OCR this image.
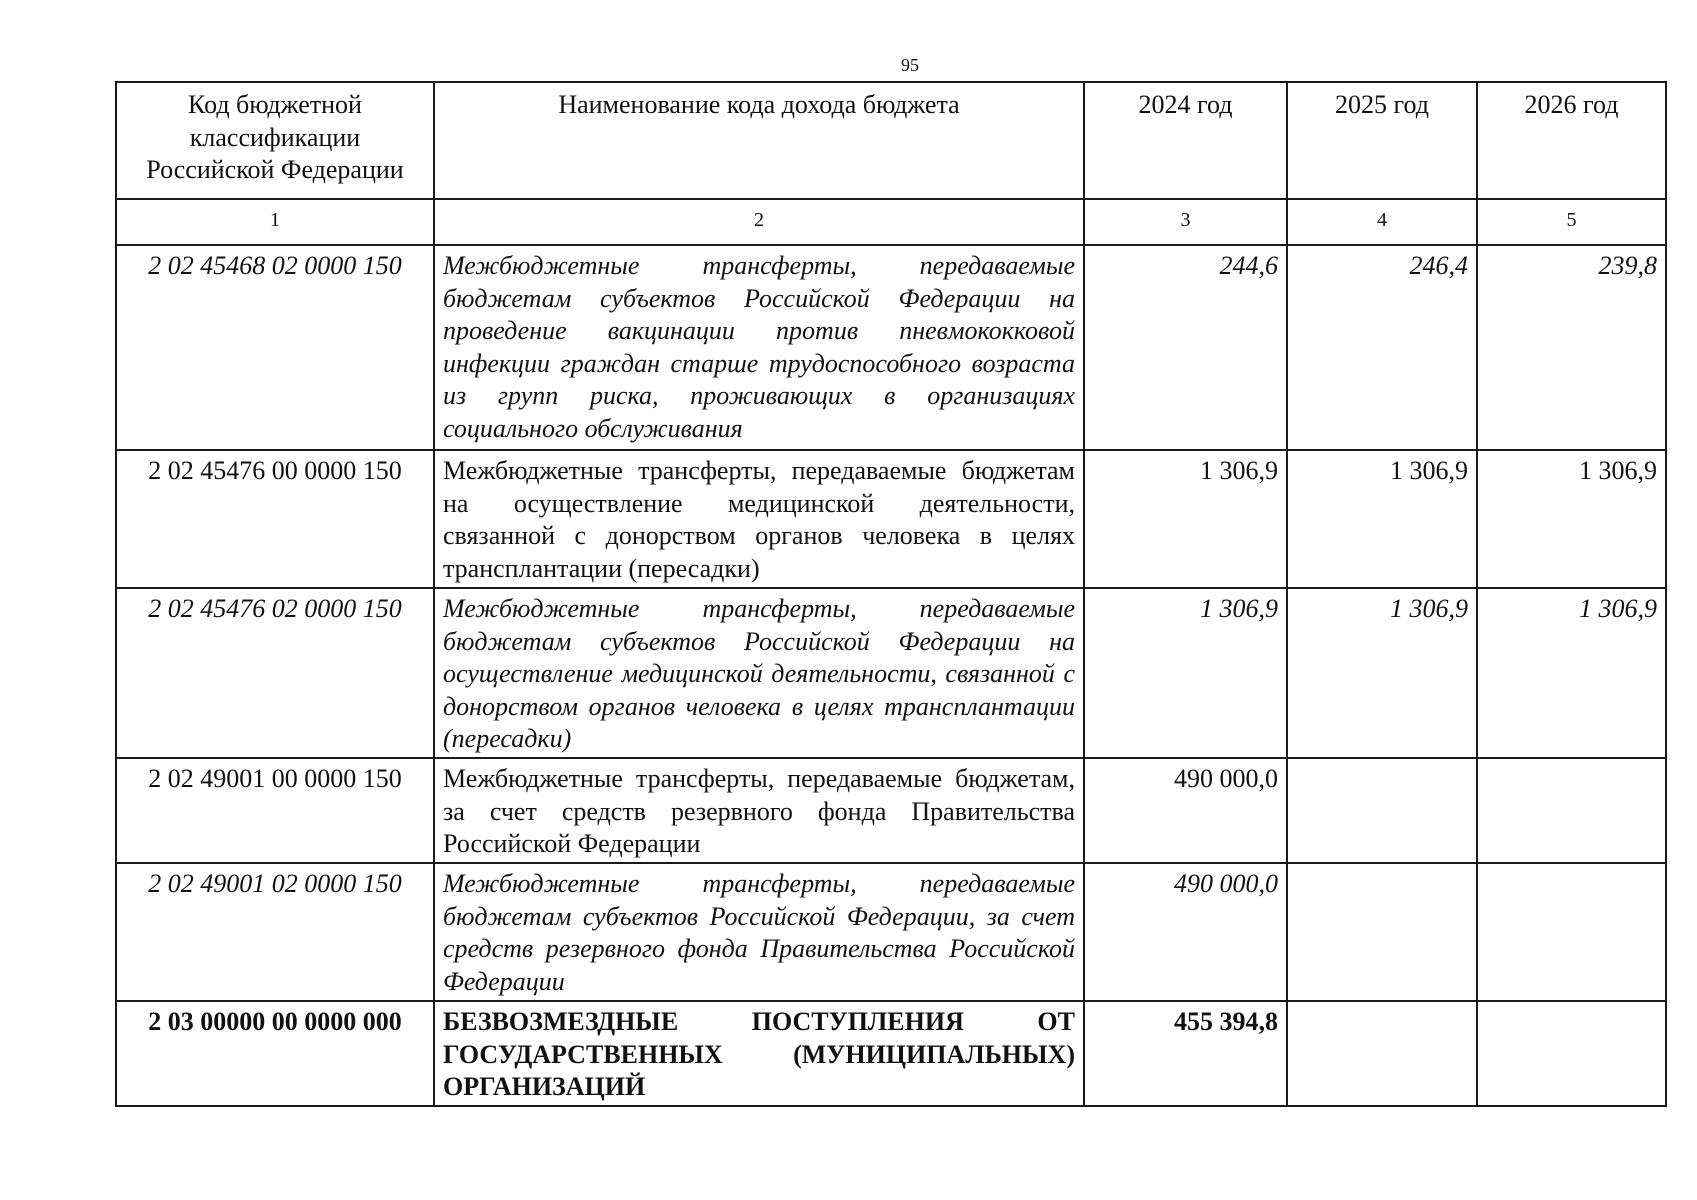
95
Код бюджетной классификации Российской Федерации	Наименование кода дохода бюджета	2024 год	2025 год	2026 год
1	2	3	4	5
2 02 45468 02 0000 150	Межбюджетные трансферты, передаваемые бюджетам субъектов Российской Федерации на проведение вакцинации против пневмококковой инфекции граждан старше трудоспособного возраста из групп риска, проживающих в организациях социального обслуживания	244,6	246,4	239,8
2 02 45476 00 0000 150	Межбюджетные трансферты, передаваемые бюджетам на осуществление медицинской деятельности, связанной с донорством органов человека в целях трансплантации (пересадки)	1 306,9	1 306,9	1 306,9
2 02 45476 02 0000 150	Межбюджетные трансферты, передаваемые бюджетам субъектов Российской Федерации на осуществление медицинской деятельности, связанной с донорством органов человека в целях трансплантации (пересадки)	1 306,9	1 306,9	1 306,9
2 02 49001 00 0000 150	Межбюджетные трансферты, передаваемые бюджетам, за счет средств резервного фонда Правительства Российской Федерации	490 000,0		
2 02 49001 02 0000 150	Межбюджетные трансферты, передаваемые бюджетам субъектов Российской Федерации, за счет средств резервного фонда Правительства Российской Федерации	490 000,0		
2 03 00000 00 0000 000	БЕЗВОЗМЕЗДНЫЕ ПОСТУПЛЕНИЯ ОТ ГОСУДАРСТВЕННЫХ (МУНИЦИПАЛЬНЫХ) ОРГАНИЗАЦИЙ	455 394,8		
